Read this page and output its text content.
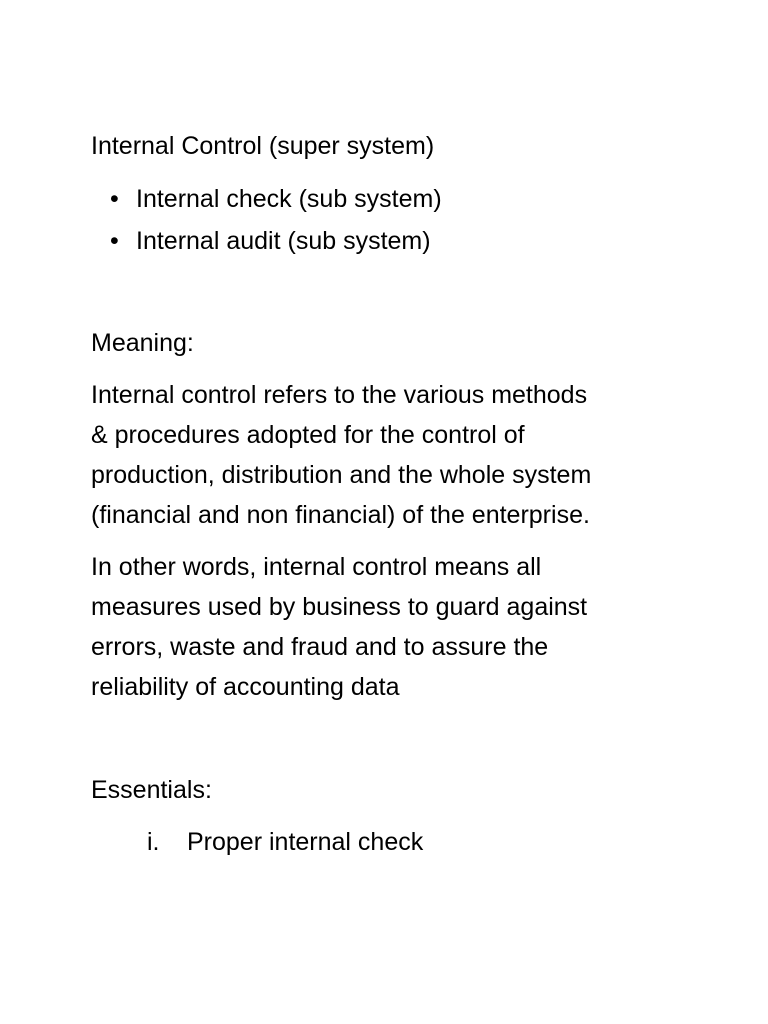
Internal Control (super system)
• Internal check (sub system)
• Internal audit (sub system)
Meaning:
Internal control refers to the various methods
& procedures adopted for the control of
production, distribution and the whole system
(financial and non financial) of the enterprise.
In other words, internal control means all
measures used by business to guard against
errors, waste and fraud and to assure the
reliability of accounting data
Essentials:
i. Proper internal check
